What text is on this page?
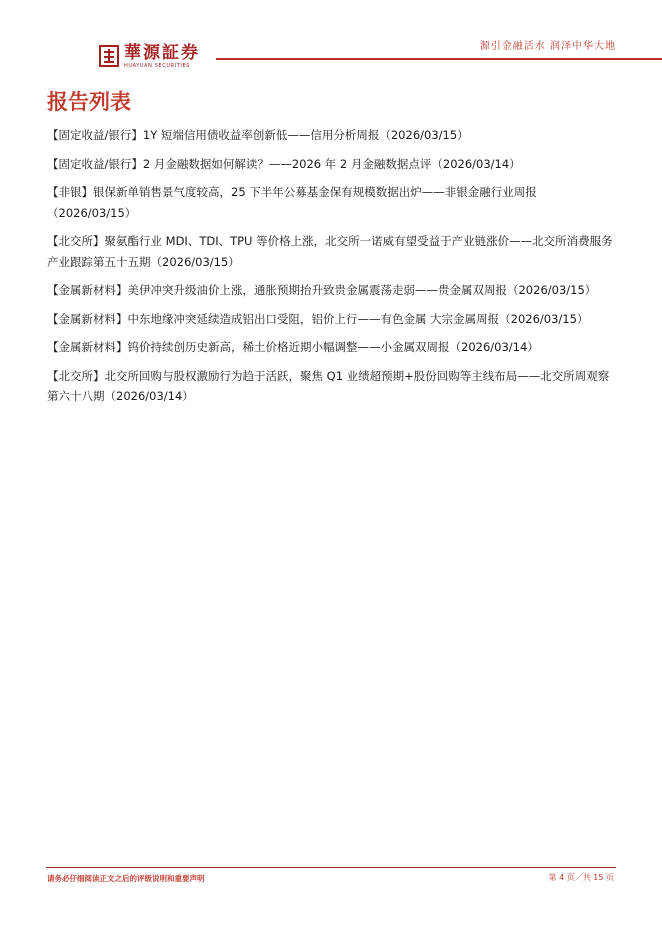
華源証券
HUAYUAN SECURITIES
源引金融活水 润泽中华大地
报告列表
【固定收益/银行】1Y 短端信用债收益率创新低——信用分析周报（2026/03/15）
【固定收益/银行】2 月金融数据如何解读？——2026 年 2 月金融数据点评（2026/03/14）
【非银】银保新单销售景气度较高，25 下半年公募基金保有规模数据出炉——非银金融行业周报（2026/03/15）
【北交所】聚氨酯行业 MDI、TDI、TPU 等价格上涨，北交所一诺威有望受益于产业链涨价——北交所消费服务产业跟踪第五十五期（2026/03/15）
【金属新材料】美伊冲突升级油价上涨，通胀预期抬升致贵金属震荡走弱——贵金属双周报（2026/03/15）
【金属新材料】中东地缘冲突延续造成铝出口受阻，铝价上行——有色金属 大宗金属周报（2026/03/15）
【金属新材料】钨价持续创历史新高，稀土价格近期小幅调整——小金属双周报（2026/03/14）
【北交所】北交所回购与股权激励行为趋于活跃，聚焦 Q1 业绩超预期+股份回购等主线布局——北交所周观察第六十八期（2026/03/14）
请务必仔细阅读正文之后的评级说明和重要声明	第 4 页／共 15 页
